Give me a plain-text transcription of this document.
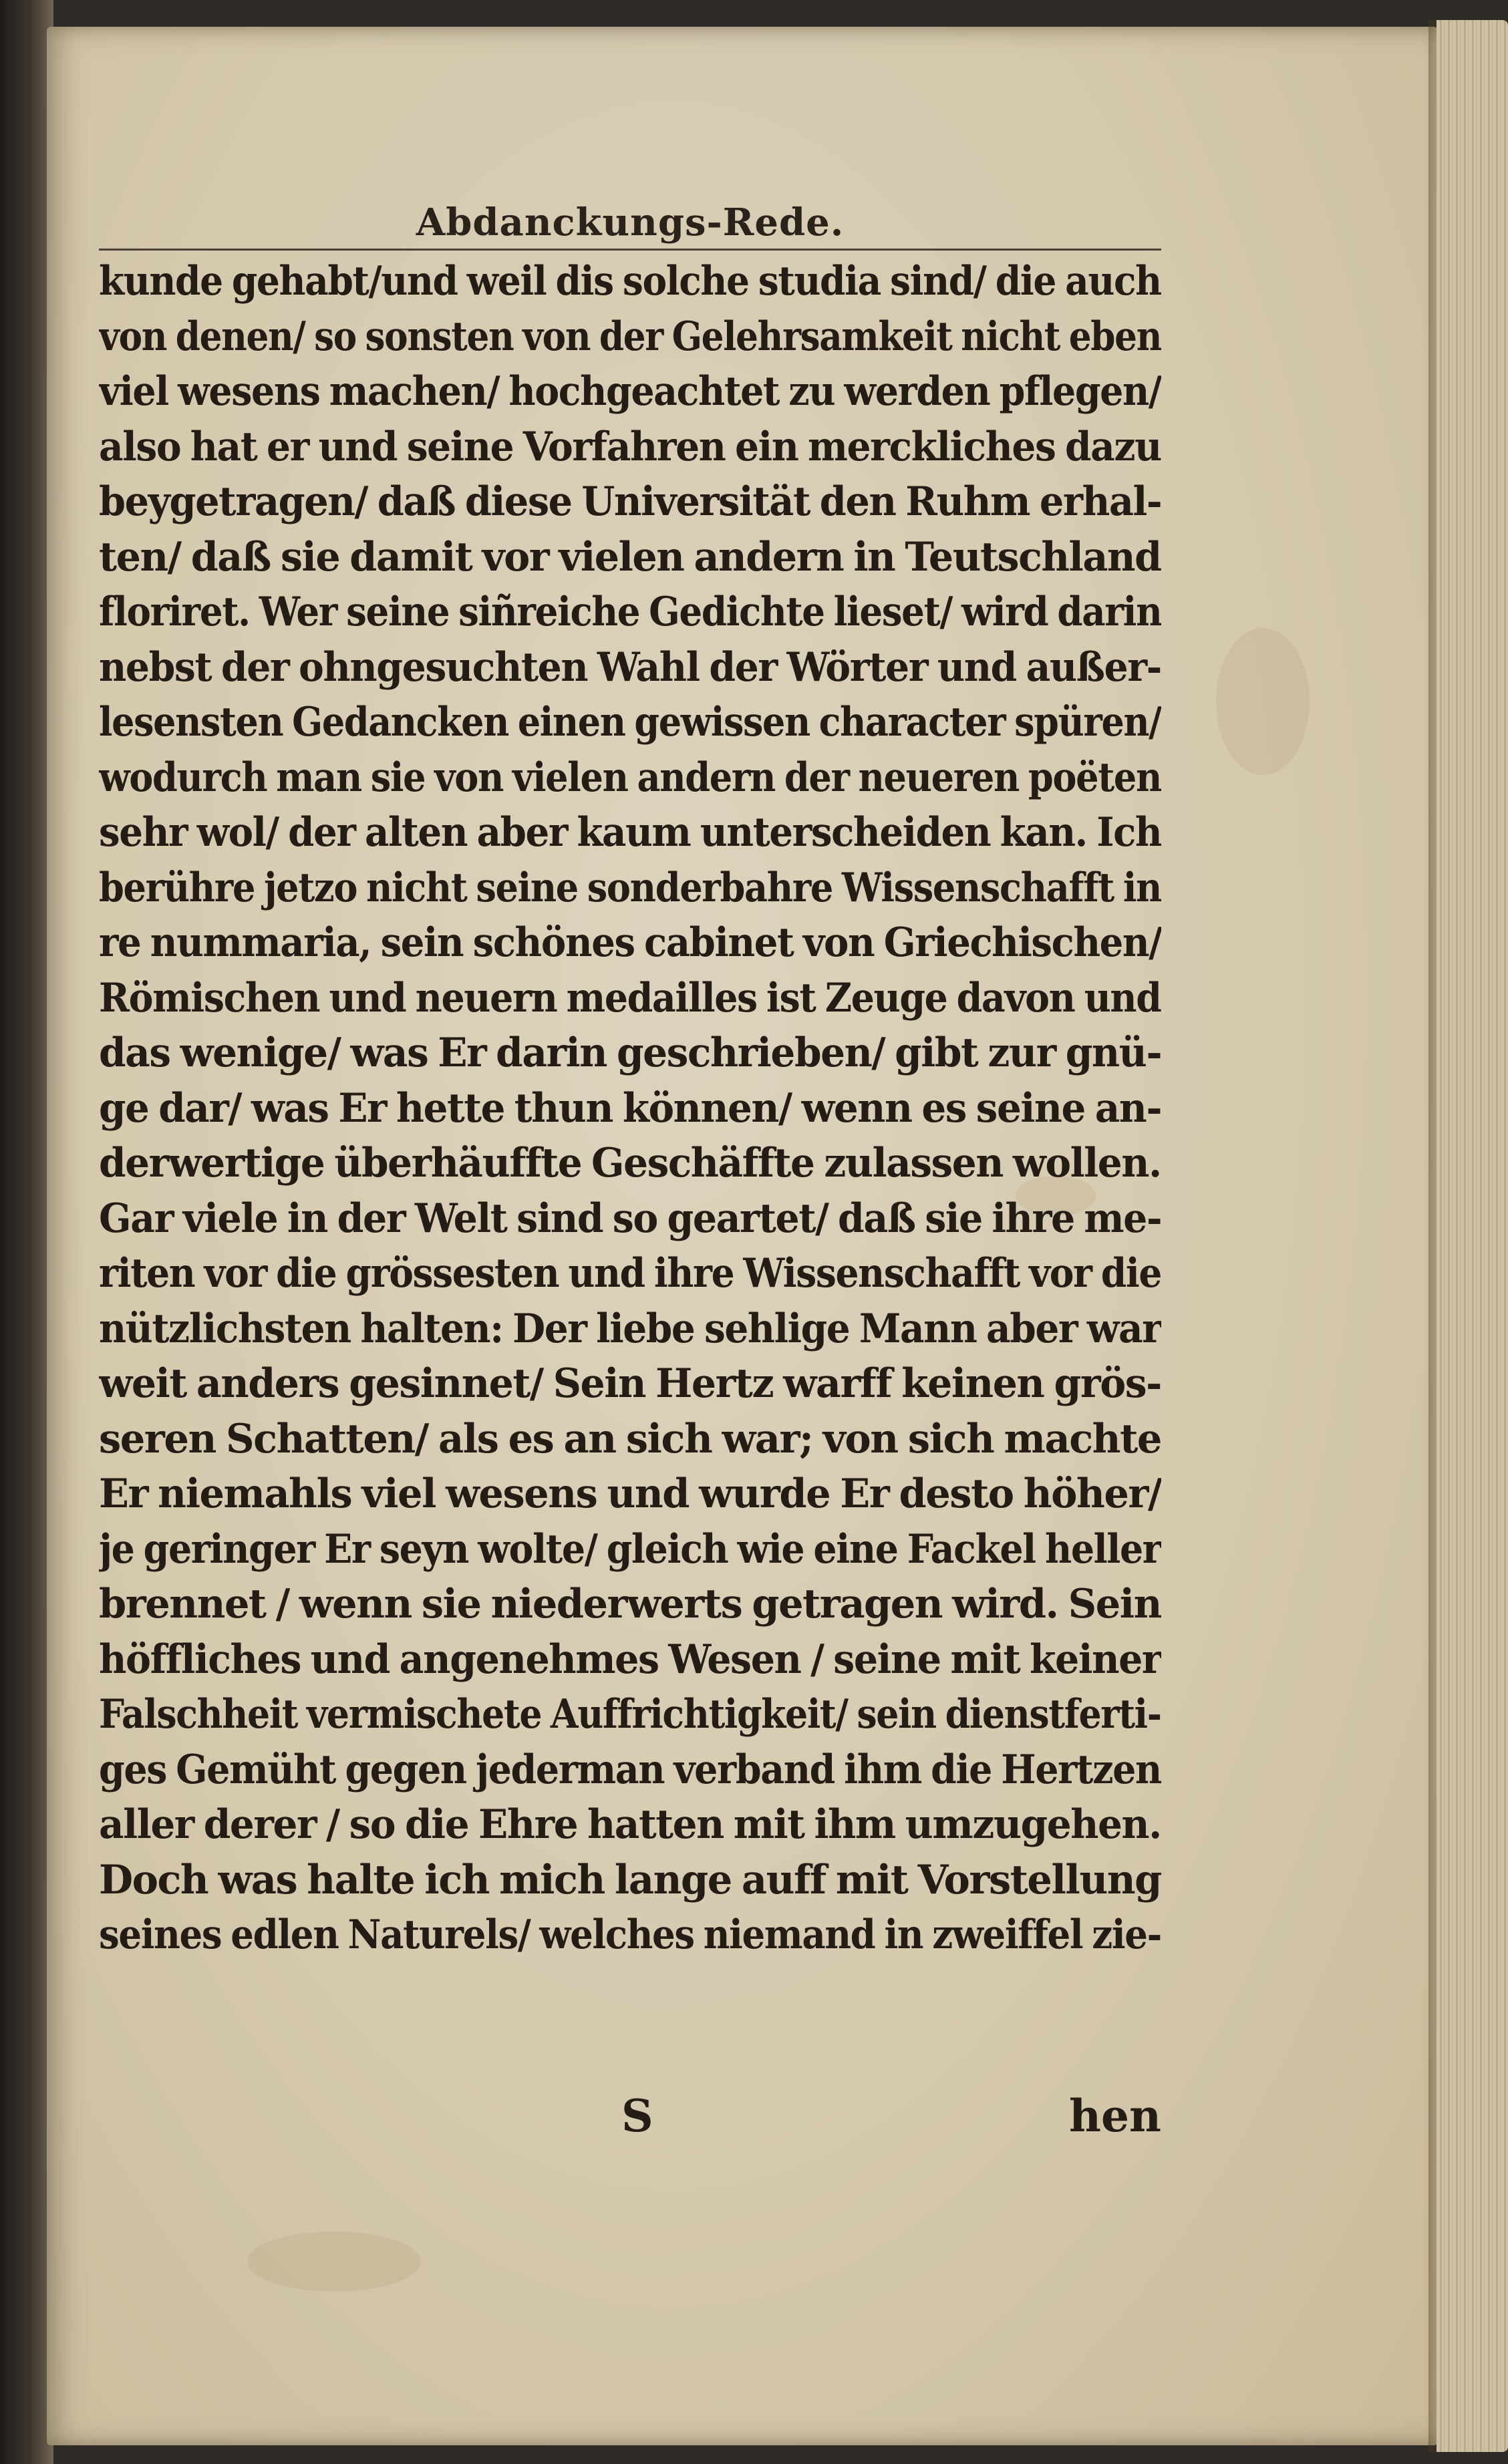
Abdanckungs-Rede.
kunde gehabt/und weil dis solche studia sind/ die auch
von denen/ so sonsten von der Gelehrsamkeit nicht eben
viel wesens machen/ hochgeachtet zu werden pflegen/
also hat er und seine Vorfahren ein merckliches dazu
beygetragen/ daß diese Universität den Ruhm erhal-
ten/ daß sie damit vor vielen andern in Teutschland
floriret. Wer seine siñreiche Gedichte lieset/ wird darin
nebst der ohngesuchten Wahl der Wörter und außer-
lesensten Gedancken einen gewissen character spüren/
wodurch man sie von vielen andern der neueren poëten
sehr wol/ der alten aber kaum unterscheiden kan. Ich
berühre jetzo nicht seine sonderbahre Wissenschafft in
re nummaria, sein schönes cabinet von Griechischen/
Römischen und neuern medailles ist Zeuge davon und
das wenige/ was Er darin geschrieben/ gibt zur gnü-
ge dar/ was Er hette thun können/ wenn es seine an-
derwertige überhäuffte Geschäffte zulassen wollen.
Gar viele in der Welt sind so geartet/ daß sie ihre me-
riten vor die grössesten und ihre Wissenschafft vor die
nützlichsten halten: Der liebe sehlige Mann aber war
weit anders gesinnet/ Sein Hertz warff keinen grös-
seren Schatten/ als es an sich war; von sich machte
Er niemahls viel wesens und wurde Er desto höher/
je geringer Er seyn wolte/ gleich wie eine Fackel heller
brennet / wenn sie niederwerts getragen wird. Sein
höffliches und angenehmes Wesen / seine mit keiner
Falschheit vermischete Auffrichtigkeit/ sein dienstferti-
ges Gemüht gegen jederman verband ihm die Hertzen
aller derer / so die Ehre hatten mit ihm umzugehen.
Doch was halte ich mich lange auff mit Vorstellung
seines edlen Naturels/ welches niemand in zweiffel zie-
S	hen
